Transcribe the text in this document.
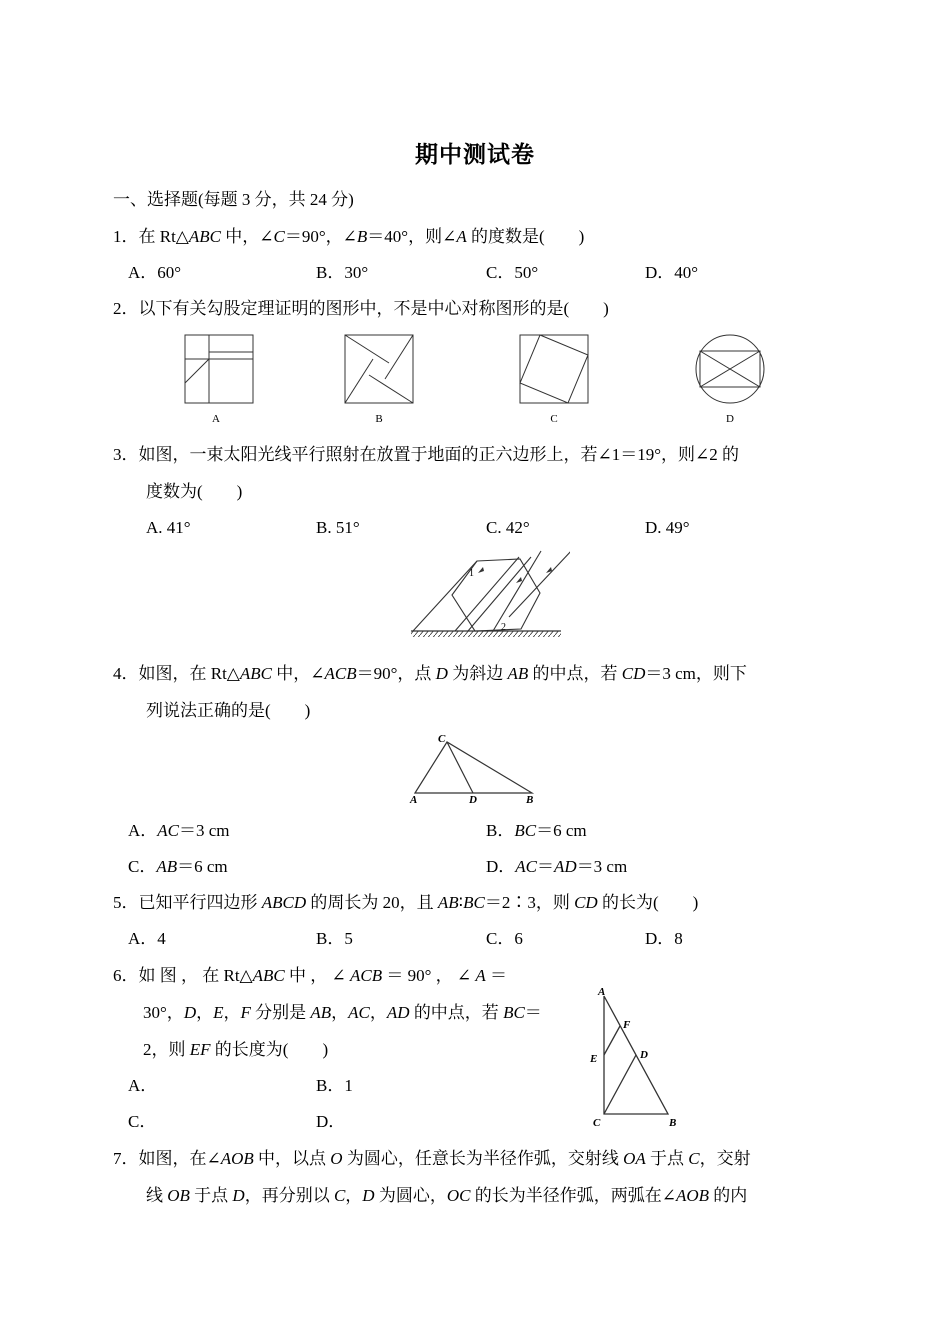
期中测试卷
一、选择题(每题 3 分，共 24 分)
1．在 Rt△ABC 中，∠C＝90°，∠B＝40°，则∠A 的度数是(　　)
A．60°	B．30°	C．50°	D．40°
2．以下有关勾股定理证明的图形中，不是中心对称图形的是(　　)
A	B	C	D
3．如图，一束太阳光线平行照射在放置于地面的正六边形上，若∠1＝19°，则∠2 的
度数为(　　)
A. 41°	B. 51°	C. 42°	D. 49°
1
2
4．如图，在 Rt△ABC 中，∠ACB＝90°，点 D 为斜边 AB 的中点，若 CD＝3 cm，则下
列说法正确的是(　　)
C
A	D	B
A．AC＝3 cm	B．BC＝6 cm
C．AB＝6 cm	D．AC＝AD＝3 cm
5．已知平行四边形 ABCD 的周长为 20，且 AB∶BC＝2∶3，则 CD 的长为(　　)
A．4	B．5	C．6	D．8
6．如 图 ， 在 Rt△ABC 中 ， ∠ ACB ＝ 90° ， ∠ A ＝
30°，D，E，F 分别是 AB，AC，AD 的中点，若 BC＝
2，则 EF 的长度为(　　)
A．	B．1
C．	D．
A
F
E	D
C	B
7．如图，在∠AOB 中，以点 O 为圆心，任意长为半径作弧，交射线 OA 于点 C，交射
线 OB 于点 D，再分别以 C，D 为圆心，OC 的长为半径作弧，两弧在∠AOB 的内
